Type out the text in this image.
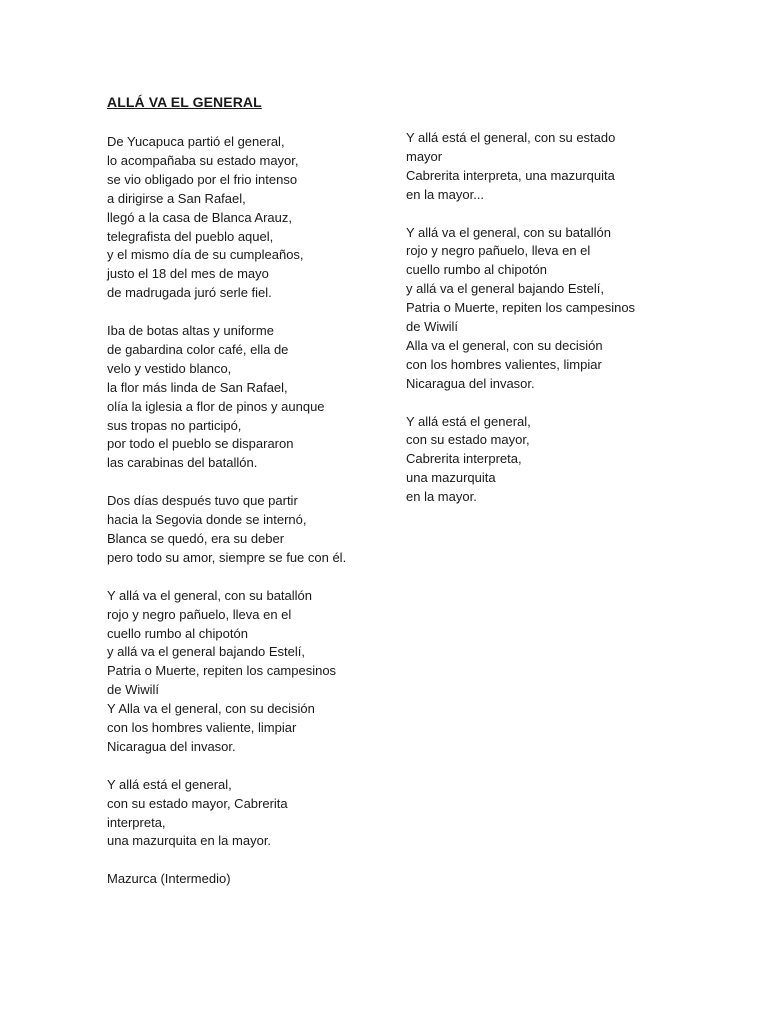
ALLÁ VA EL GENERAL
De Yucapuca partió el general,
lo acompañaba su estado mayor,
se vio obligado por el frio intenso
a dirigirse a San Rafael,
llegó a la casa de Blanca Arauz,
telegrafista del pueblo aquel,
y el mismo día de su cumpleaños,
justo el 18 del mes de mayo
de madrugada juró serle fiel.
Iba de botas altas y uniforme
de gabardina color café, ella de
velo y vestido blanco,
la flor más linda de San Rafael,
olía la iglesia a flor de pinos y aunque
sus tropas no participó,
por todo el pueblo se dispararon
las carabinas del batallón.
Dos días después tuvo que partir
hacia la Segovia donde se internó,
Blanca se quedó, era su deber
pero todo su amor, siempre se fue con él.
Y allá va el general, con su batallón
rojo y negro pañuelo, lleva en el
cuello rumbo al chipotón
y allá va el general bajando Estelí,
Patria o Muerte, repiten los campesinos
de Wiwilí
Y Alla va el general, con su decisión
con los hombres valiente, limpiar
Nicaragua del invasor.
Y allá está el general,
con su estado mayor, Cabrerita
interpreta,
una mazurquita en la mayor.
Mazurca (Intermedio)
Y allá está el general, con su estado
mayor
Cabrerita interpreta, una mazurquita
en la mayor...
Y allá va el general, con su batallón
rojo y negro pañuelo, lleva en el
cuello rumbo al chipotón
y allá va el general bajando Estelí,
Patria o Muerte, repiten los campesinos
de Wiwilí
Alla va el general, con su decisión
con los hombres valientes, limpiar
Nicaragua del invasor.
Y allá está el general,
con su estado mayor,
Cabrerita interpreta,
una mazurquita
en la mayor.
